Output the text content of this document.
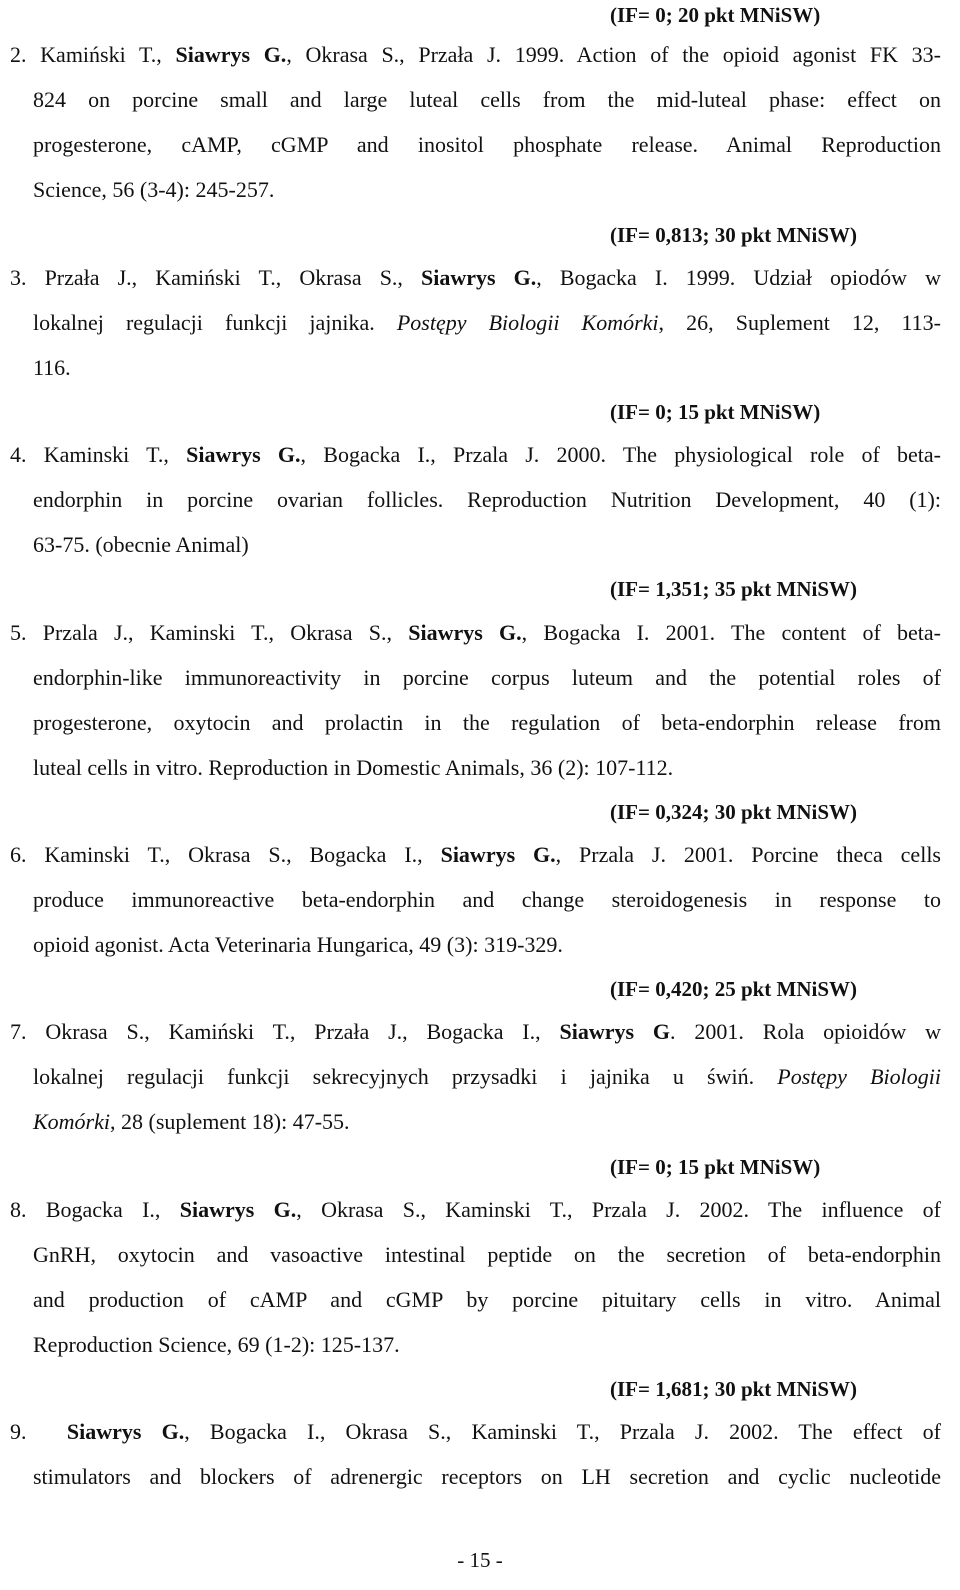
(IF= 0; 20 pkt MNiSW)
2. Kamiński T., Siawrys G., Okrasa S., Przała J. 1999. Action of the opioid agonist FK 33-
824 on porcine small and large luteal cells from the mid-luteal phase: effect on
progesterone, cAMP, cGMP and inositol phosphate release. Animal Reproduction
Science, 56 (3-4): 245-257.
(IF= 0,813; 30 pkt MNiSW)
3. Przała J., Kamiński T., Okrasa S., Siawrys G., Bogacka I. 1999. Udział opiodów w
lokalnej regulacji funkcji jajnika. Postępy Biologii Komórki, 26, Suplement 12, 113-
116.
(IF= 0; 15 pkt MNiSW)
4. Kaminski T., Siawrys G., Bogacka I., Przala J. 2000. The physiological role of beta-
endorphin in porcine ovarian follicles. Reproduction Nutrition Development, 40 (1):
63-75. (obecnie Animal)
(IF= 1,351; 35 pkt MNiSW)
5. Przala J., Kaminski T., Okrasa S., Siawrys G., Bogacka I. 2001. The content of beta-
endorphin-like immunoreactivity in porcine corpus luteum and the potential roles of
progesterone, oxytocin and prolactin in the regulation of beta-endorphin release from
luteal cells in vitro. Reproduction in Domestic Animals, 36 (2): 107-112.
(IF= 0,324; 30 pkt MNiSW)
6. Kaminski T., Okrasa S., Bogacka I., Siawrys G., Przala J. 2001. Porcine theca cells
produce immunoreactive beta-endorphin and change steroidogenesis in response to
opioid agonist. Acta Veterinaria Hungarica, 49 (3): 319-329.
(IF= 0,420; 25 pkt MNiSW)
7. Okrasa S., Kamiński T., Przała J., Bogacka I., Siawrys G. 2001. Rola opioidów w
lokalnej regulacji funkcji sekrecyjnych przysadki i jajnika u świń. Postępy Biologii
Komórki, 28 (suplement 18): 47-55.
(IF= 0; 15 pkt MNiSW)
8. Bogacka I., Siawrys G., Okrasa S., Kaminski T., Przala J. 2002. The influence of
GnRH, oxytocin and vasoactive intestinal peptide on the secretion of beta-endorphin
and production of cAMP and cGMP by porcine pituitary cells in vitro. Animal
Reproduction Science, 69 (1-2): 125-137.
(IF= 1,681; 30 pkt MNiSW)
9.  Siawrys G., Bogacka I., Okrasa S., Kaminski T., Przala J. 2002. The effect of
stimulators and blockers of adrenergic receptors on LH secretion and cyclic nucleotide
- 15 -
